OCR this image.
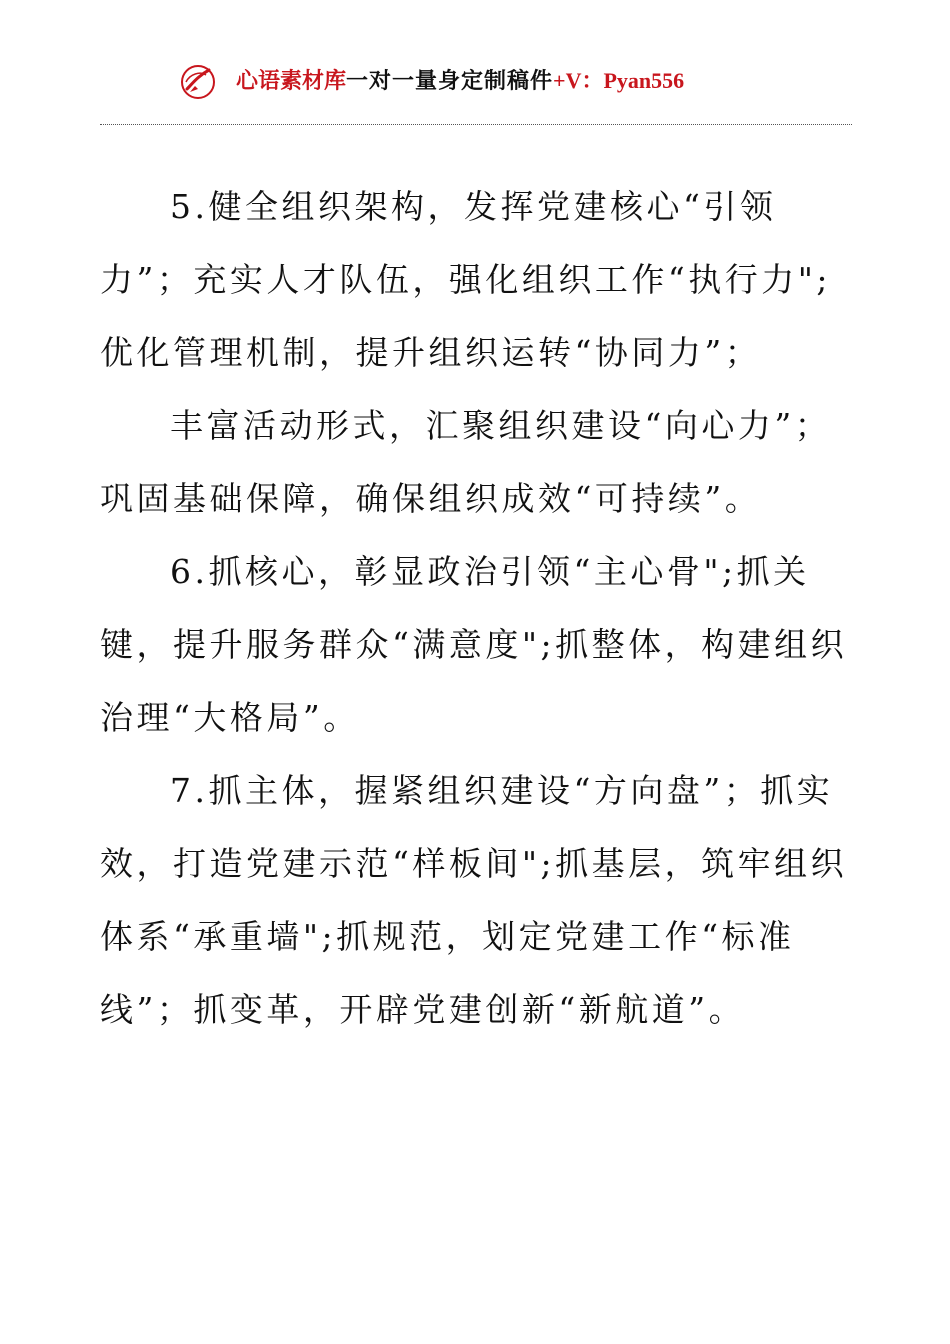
心语素材库一对一量身定制稿件+V：Pyan556

5.健全组织架构，发挥党建核心“引领力”；充实人才队伍，强化组织工作“执行力";优化管理机制，提升组织运转“协同力”；

丰富活动形式，汇聚组织建设“向心力”；巩固基础保障，确保组织成效“可持续”。

6.抓核心，彰显政治引领“主心骨";抓关键，提升服务群众“满意度";抓整体，构建组织治理“大格局”。

7.抓主体，握紧组织建设“方向盘”；抓实效，打造党建示范“样板间";抓基层，筑牢组织体系“承重墙";抓规范，划定党建工作“标准线”；抓变革，开辟党建创新“新航道”。
